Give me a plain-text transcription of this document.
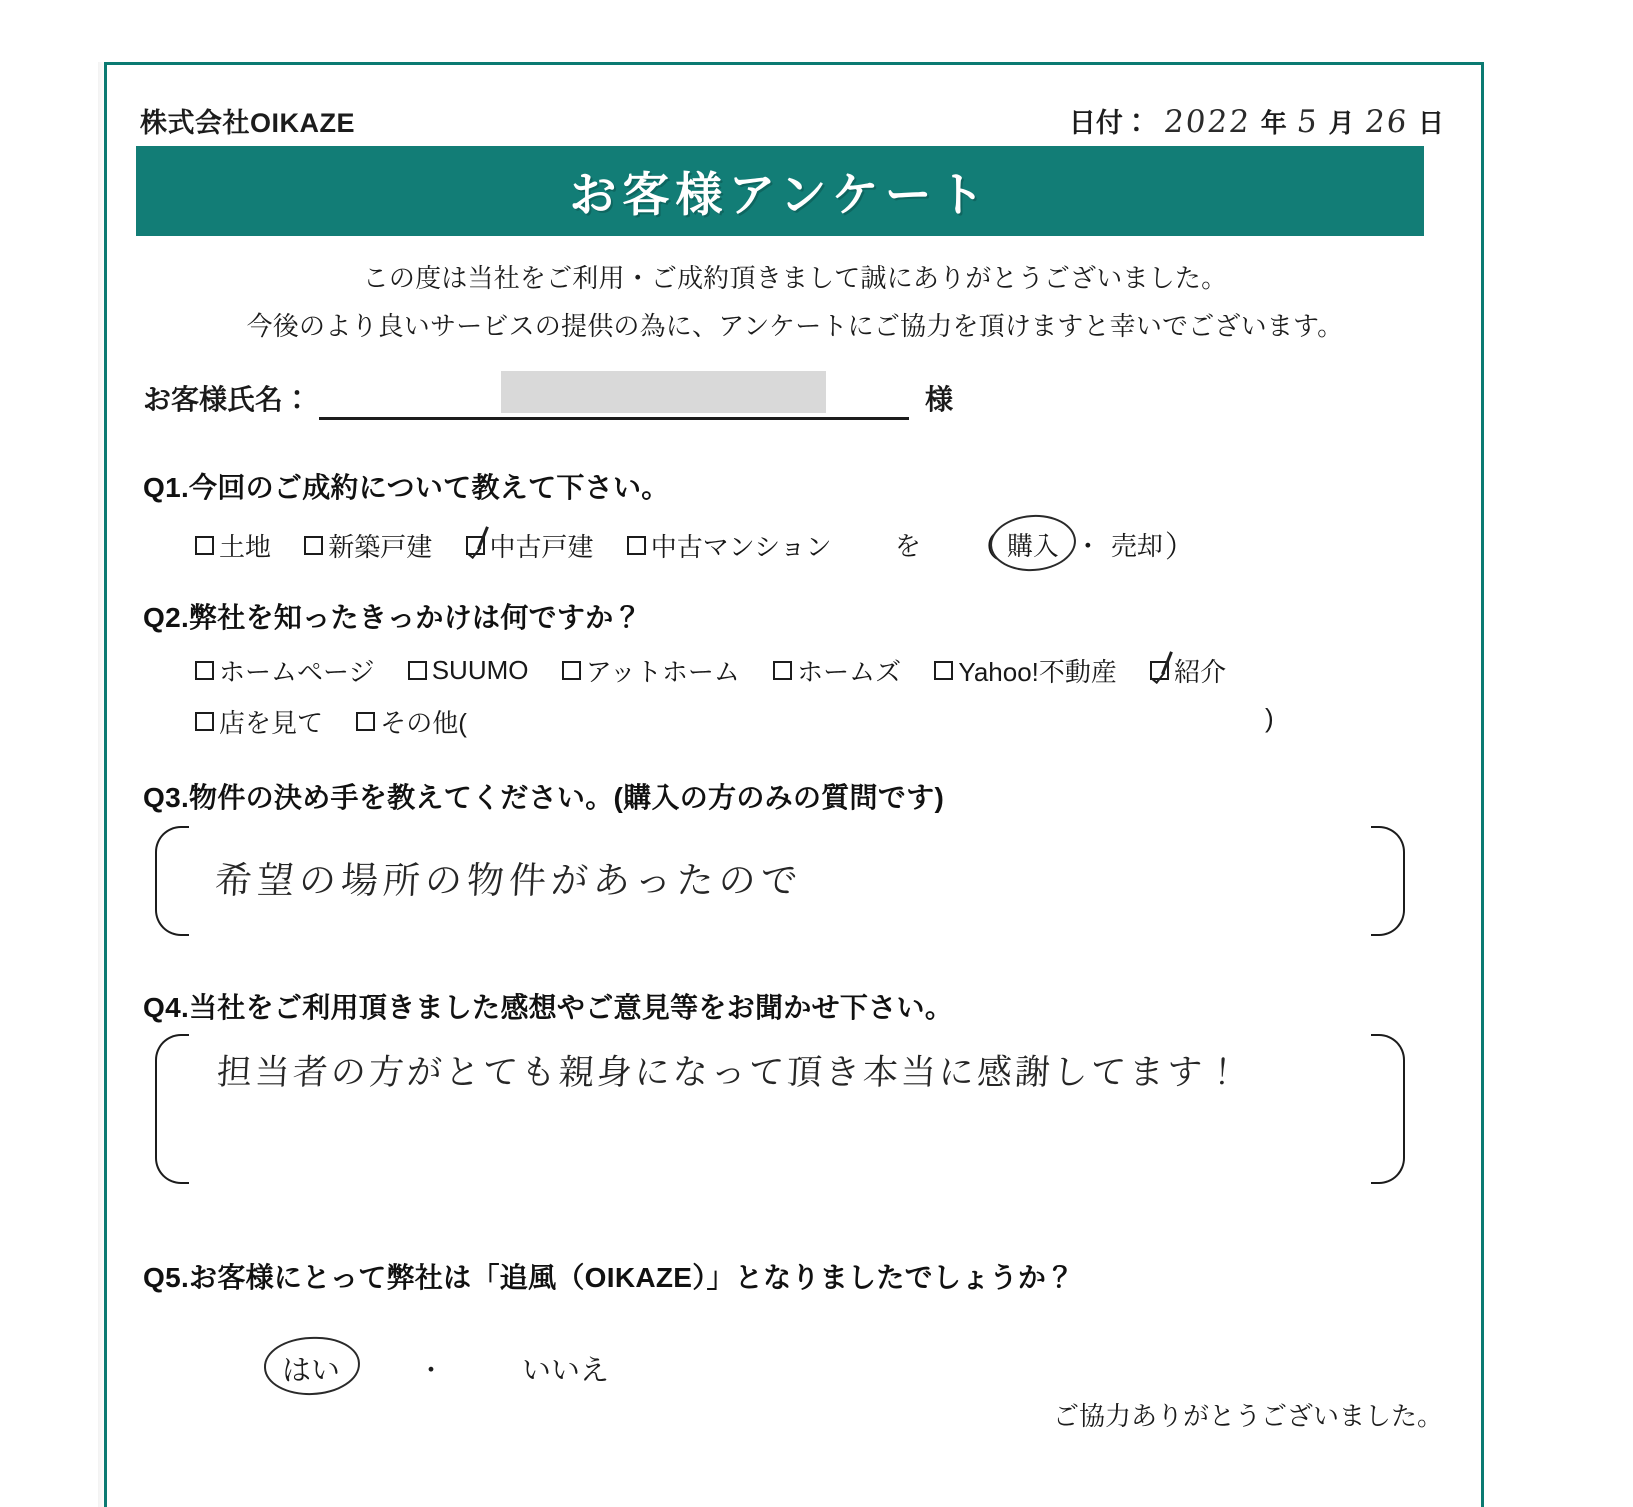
株式会社OIKAZE	日付： 2022 年 5 月 26 日
お客様アンケート
この度は当社をご利用・ご成約頂きまして誠にありがとうございました。
今後のより良いサービスの提供の為に、アンケートにご協力を頂けますと幸いでございます。
お客様氏名：	様
Q1.今回のご成約について教えて下さい。
土地
新築戸建
中古戸建
中古マンション
を （ 購入 ・ 売却 ）
Q2.弊社を知ったきっかけは何ですか？
ホームページ
SUUMO
アットホーム
ホームズ
Yahoo!不動産
紹介
店を見て
その他(	)
Q3.物件の決め手を教えてください。(購入の方のみの質問です)
希望の場所の物件があったので
Q4.当社をご利用頂きました感想やご意見等をお聞かせ下さい。
担当者の方がとても親身になって頂き本当に感謝してます！
Q5.お客様にとって弊社は「追風（OIKAZE）」となりましたでしょうか？
はい	・	いいえ
ご協力ありがとうございました。
